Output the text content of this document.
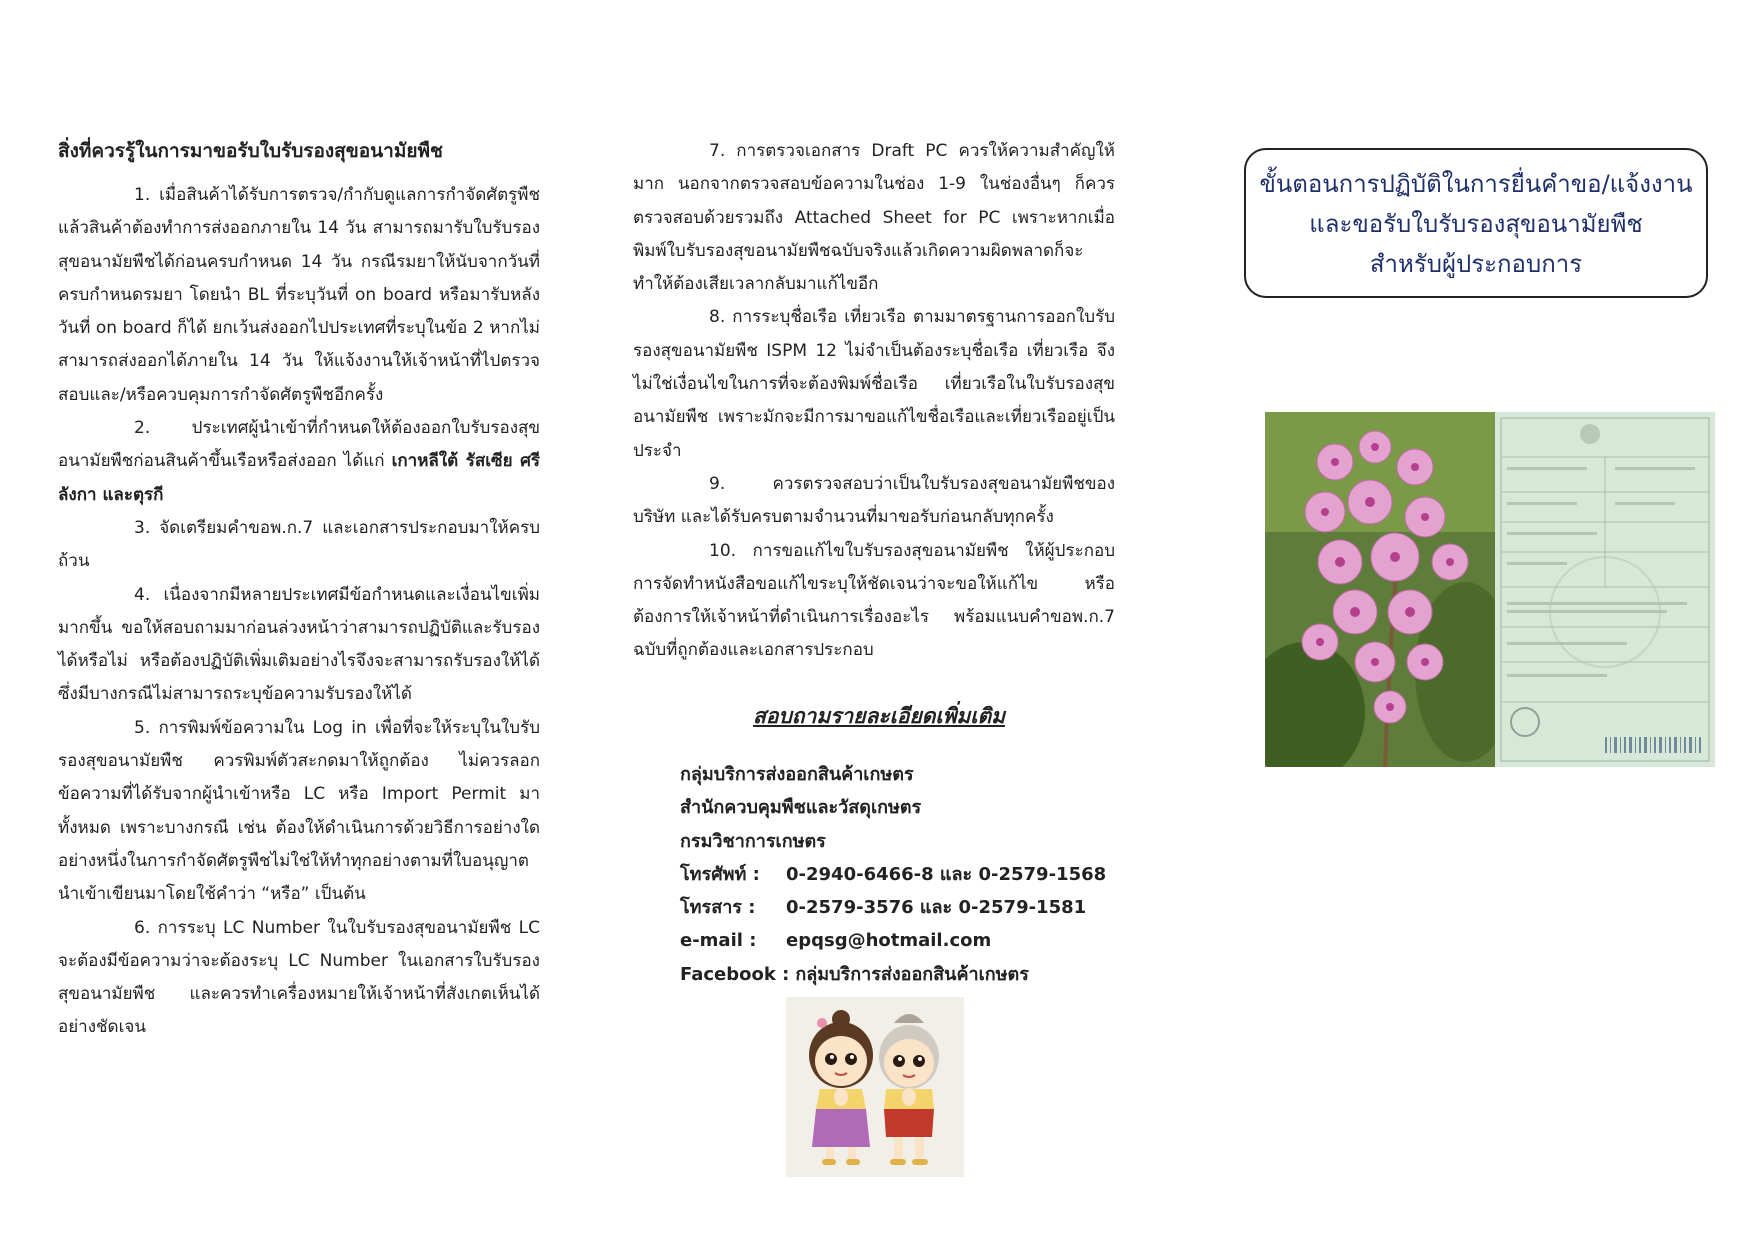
สิ่งที่ควรรู้ในการมาขอรับใบรับรองสุขอนามัยพืช

1. เมื่อสินค้าได้รับการตรวจ/กำกับดูแลการกำจัดศัตรูพืชแล้วสินค้าต้องทำการส่งออกภายใน 14 วัน สามารถมารับใบรับรองสุขอนามัยพืชได้ก่อนครบกำหนด 14 วัน กรณีรมยาให้นับจากวันที่ครบกำหนดรมยา โดยนำ BL ที่ระบุวันที่ on board หรือมารับหลังวันที่ on board ก็ได้ ยกเว้นส่งออกไปประเทศที่ระบุในข้อ 2 หากไม่สามารถส่งออกได้ภายใน 14 วัน ให้แจ้งงานให้เจ้าหน้าที่ไปตรวจสอบและ/หรือควบคุมการกำจัดศัตรูพืชอีกครั้ง

2. ประเทศผู้นำเข้าที่กำหนดให้ต้องออกใบรับรองสุขอนามัยพืชก่อนสินค้าขึ้นเรือหรือส่งออก ได้แก่ เกาหลีใต้ รัสเซีย ศรีลังกา และตุรกี

3. จัดเตรียมคำขอพ.ก.7 และเอกสารประกอบมาให้ครบถ้วน

4. เนื่องจากมีหลายประเทศมีข้อกำหนดและเงื่อนไขเพิ่มมากขึ้น ขอให้สอบถามมาก่อนล่วงหน้าว่าสามารถปฏิบัติและรับรองได้หรือไม่ หรือต้องปฏิบัติเพิ่มเติมอย่างไรจึงจะสามารถรับรองให้ได้ซึ่งมีบางกรณีไม่สามารถระบุข้อความรับรองให้ได้

5. การพิมพ์ข้อความใน Log in เพื่อที่จะให้ระบุในใบรับรองสุขอนามัยพืช ควรพิมพ์ตัวสะกดมาให้ถูกต้อง ไม่ควรลอกข้อความที่ได้รับจากผู้นำเข้าหรือ LC หรือ Import Permit มาทั้งหมด เพราะบางกรณี เช่น ต้องให้ดำเนินการด้วยวิธีการอย่างใดอย่างหนึ่งในการกำจัดศัตรูพืชไม่ใช่ให้ทำทุกอย่างตามที่ใบอนุญาตนำเข้าเขียนมาโดยใช้คำว่า “หรือ” เป็นต้น

6. การระบุ LC Number ในใบรับรองสุขอนามัยพืช LC จะต้องมีข้อความว่าจะต้องระบุ LC Number ในเอกสารใบรับรองสุขอนามัยพืช และควรทำเครื่องหมายให้เจ้าหน้าที่สังเกตเห็นได้อย่างชัดเจน

7. การตรวจเอกสาร Draft PC ควรให้ความสำคัญให้มาก นอกจากตรวจสอบข้อความในช่อง 1-9 ในช่องอื่นๆ ก็ควรตรวจสอบด้วยรวมถึง Attached Sheet for PC เพราะหากเมื่อพิมพ์ใบรับรองสุขอนามัยพืชฉบับจริงแล้วเกิดความผิดพลาดก็จะทำให้ต้องเสียเวลากลับมาแก้ไขอีก

8. การระบุชื่อเรือ เที่ยวเรือ ตามมาตรฐานการออกใบรับรองสุขอนามัยพืช ISPM 12 ไม่จำเป็นต้องระบุชื่อเรือ เที่ยวเรือ จึงไม่ใช่เงื่อนไขในการที่จะต้องพิมพ์ชื่อเรือ เที่ยวเรือในใบรับรองสุขอนามัยพืช เพราะมักจะมีการมาขอแก้ไขชื่อเรือและเที่ยวเรืออยู่เป็นประจำ

9. ควรตรวจสอบว่าเป็นใบรับรองสุขอนามัยพืชของบริษัท และได้รับครบตามจำนวนที่มาขอรับก่อนกลับทุกครั้ง

10. การขอแก้ไขใบรับรองสุขอนามัยพืช ให้ผู้ประกอบการจัดทำหนังสือขอแก้ไขระบุให้ชัดเจนว่าจะขอให้แก้ไข หรือต้องการให้เจ้าหน้าที่ดำเนินการเรื่องอะไร พร้อมแนบคำขอพ.ก.7 ฉบับที่ถูกต้องและเอกสารประกอบ

สอบถามรายละเอียดเพิ่มเติม
กลุ่มบริการส่งออกสินค้าเกษตร
สำนักควบคุมพืชและวัสดุเกษตร
กรมวิชาการเกษตร
โทรศัพท์ :	0-2940-6466-8 และ 0-2579-1568
โทรสาร :	0-2579-3576 และ 0-2579-1581
e-mail :	epqsg@hotmail.com
Facebook : กลุ่มบริการส่งออกสินค้าเกษตร
ขั้นตอนการปฏิบัติในการยื่นคำขอ/แจ้งงาน
และขอรับใบรับรองสุขอนามัยพืช
สำหรับผู้ประกอบการ
